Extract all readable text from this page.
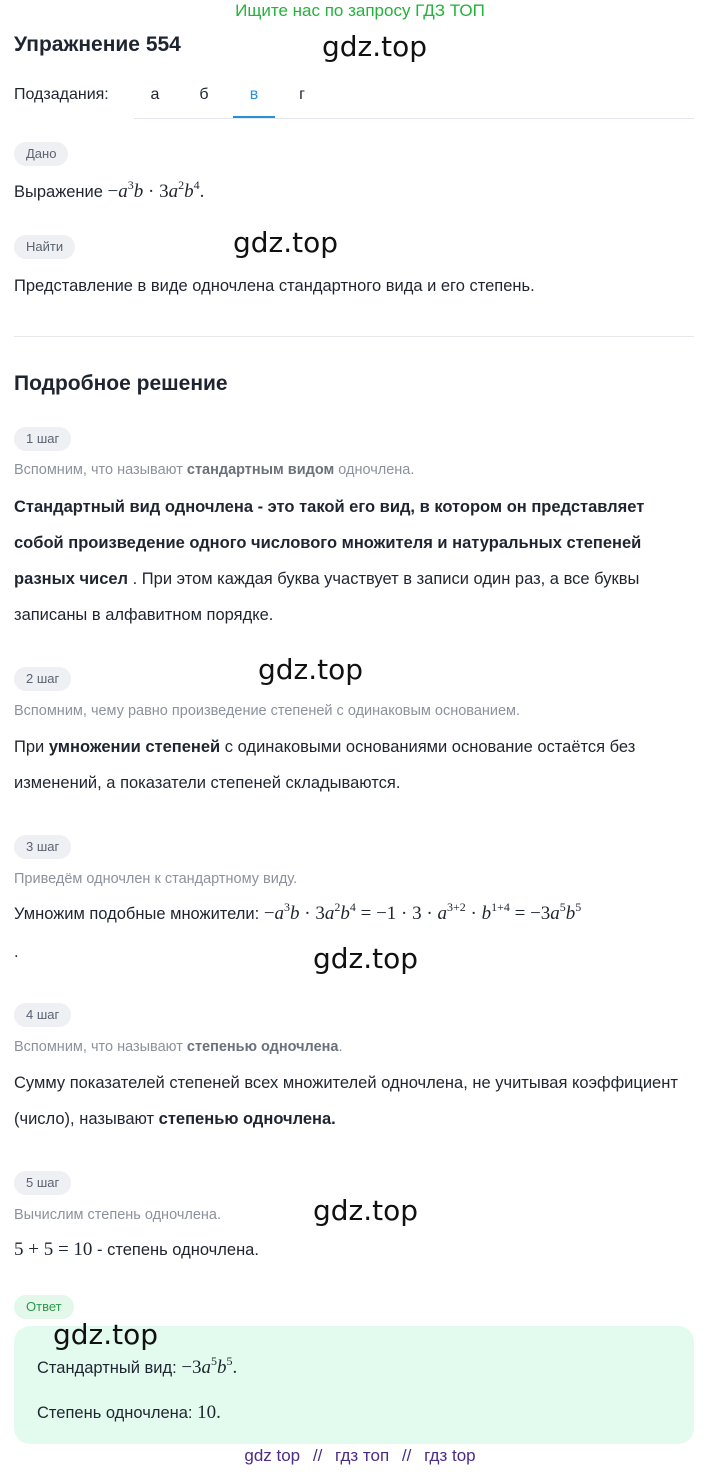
Ищите нас по запросу ГДЗ ТОП
Упражнение 554	gdz.top
Подзадания:	а	б	в	г
Дано
Выражение $-a^3b \cdot 3a^2b^4$.
Найти	gdz.top
Представление в виде одночлена стандартного вида и его степень.
Подробное решение
1 шаг
Вспомним, что называют стандартным видом одночлена.
Стандартный вид одночлена - это такой его вид, в котором он представляет собой произведение одного числового множителя и натуральных степеней разных чисел . При этом каждая буква участвует в записи один раз, а все буквы записаны в алфавитном порядке.
gdz.top
2 шаг
Вспомним, чему равно произведение степеней с одинаковым основанием.
При умножении степеней с одинаковыми основаниями основание остаётся без изменений, а показатели степеней складываются.
3 шаг
Приведём одночлен к стандартному виду.
Умножим подобные множители: $-a^3b \cdot 3a^2b^4 = -1 \cdot 3 \cdot a^{3+2} \cdot b^{1+4} = -3a^5b^5$
.	gdz.top
4 шаг
Вспомним, что называют степенью одночлена.
Сумму показателей степеней всех множителей одночлена, не учитывая коэффициент (число), называют степенью одночлена.
5 шаг
gdz.top
Вычислим степень одночлена.
5 + 5 = 10 - степень одночлена.
Ответ
gdz.top
Стандартный вид: $-3a^5b^5$.
Степень одночлена: 10.
gdz top // гдз топ // гдз top
